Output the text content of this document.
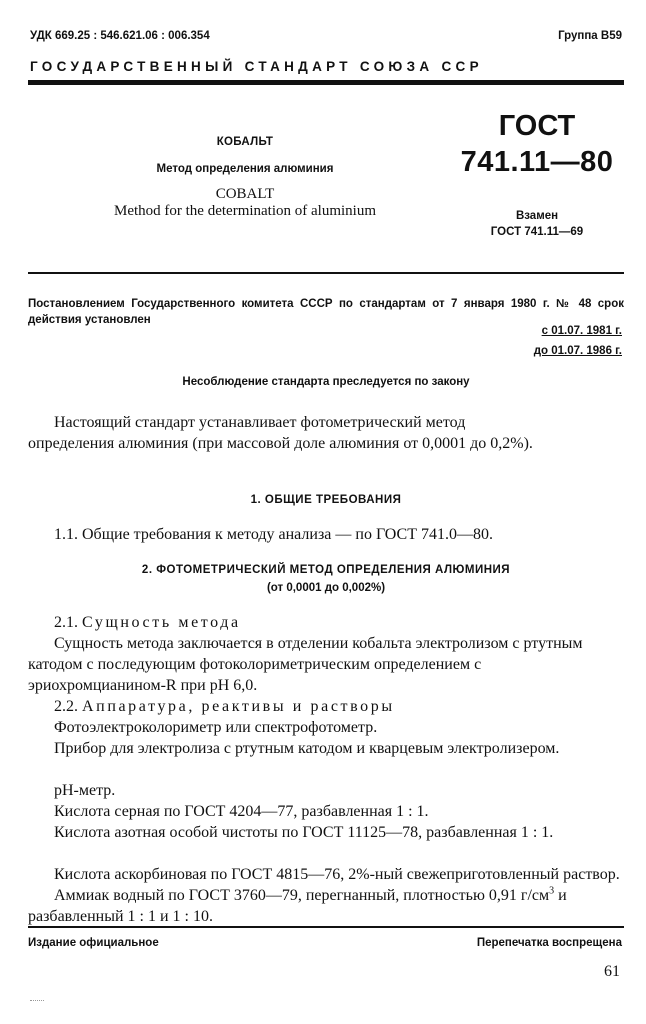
УДК 669.25 : 546.621.06 : 006.354	Группа В59
ГОСУДАРСТВЕННЫЙ СТАНДАРТ СОЮЗА ССР
КОБАЛЬТ
Метод определения алюминия
COBALT
Method for the determination of aluminium
ГОСТ
741.11—80
Взамен
ГОСТ 741.11—69
Постановлением Государственного комитета СССР по стандартам от 7 января 1980 г. № 48 срок действия установлен
с 01.07. 1981 г.
до 01.07. 1986 г.
Несоблюдение стандарта преследуется по закону
Настоящий стандарт устанавливает фотометрический метод
определения алюминия (при массовой доле алюминия от 0,0001 до 0,2%).
1. ОБЩИЕ ТРЕБОВАНИЯ
1.1. Общие требования к методу анализа — по ГОСТ 741.0—80.
2. ФОТОМЕТРИЧЕСКИЙ МЕТОД ОПРЕДЕЛЕНИЯ АЛЮМИНИЯ
(от 0,0001 до 0,002%)
2.1. Сущность метода
Сущность метода заключается в отделении кобальта электролизом с ртутным катодом с последующим фотоколориметрическим определением с эриохромцианином-R при pH 6,0.
2.2. Аппаратура, реактивы и растворы
Фотоэлектроколориметр или спектрофотометр.
Прибор для электролиза с ртутным катодом и кварцевым электролизером.
pH-метр.
Кислота серная по ГОСТ 4204—77, разбавленная 1 : 1.
Кислота азотная особой чистоты по ГОСТ 11125—78, разбавленная 1 : 1.
Кислота аскорбиновая по ГОСТ 4815—76, 2%-ный свежеприготовленный раствор.
Аммиак водный по ГОСТ 3760—79, перегнанный, плотностью 0,91 $г/см^3$ и разбавленный 1 : 1 и 1 : 10.
Издание официальное	Перепечатка воспрещена
61
